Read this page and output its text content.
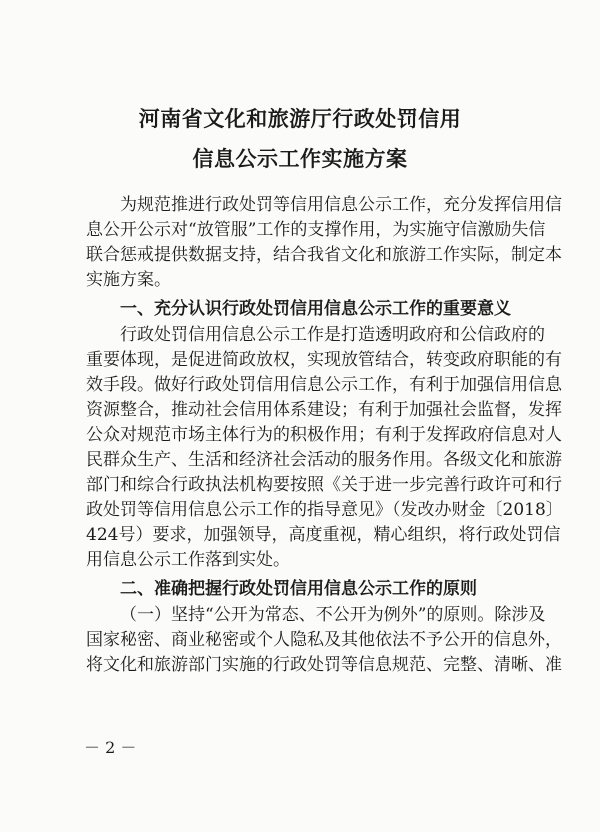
河南省文化和旅游厅行政处罚信用
信息公示工作实施方案
为规范推进行政处罚等信用信息公示工作，充分发挥信用信
息公开公示对“放管服”工作的支撑作用，为实施守信激励失信
联合惩戒提供数据支持，结合我省文化和旅游工作实际，制定本
实施方案。
一、充分认识行政处罚信用信息公示工作的重要意义
行政处罚信用信息公示工作是打造透明政府和公信政府的
重要体现，是促进简政放权，实现放管结合，转变政府职能的有
效手段。做好行政处罚信用信息公示工作，有利于加强信用信息
资源整合，推动社会信用体系建设；有利于加强社会监督，发挥
公众对规范市场主体行为的积极作用；有利于发挥政府信息对人
民群众生产、生活和经济社会活动的服务作用。各级文化和旅游
部门和综合行政执法机构要按照《关于进一步完善行政许可和行
政处罚等信用信息公示工作的指导意见》（发改办财金〔2018〕
424号）要求，加强领导，高度重视，精心组织，将行政处罚信
用信息公示工作落到实处。
二、准确把握行政处罚信用信息公示工作的原则
（一）坚持“公开为常态、不公开为例外”的原则。除涉及
国家秘密、商业秘密或个人隐私及其他依法不予公开的信息外，
将文化和旅游部门实施的行政处罚等信息规范、完整、清晰、准
－ 2 －
